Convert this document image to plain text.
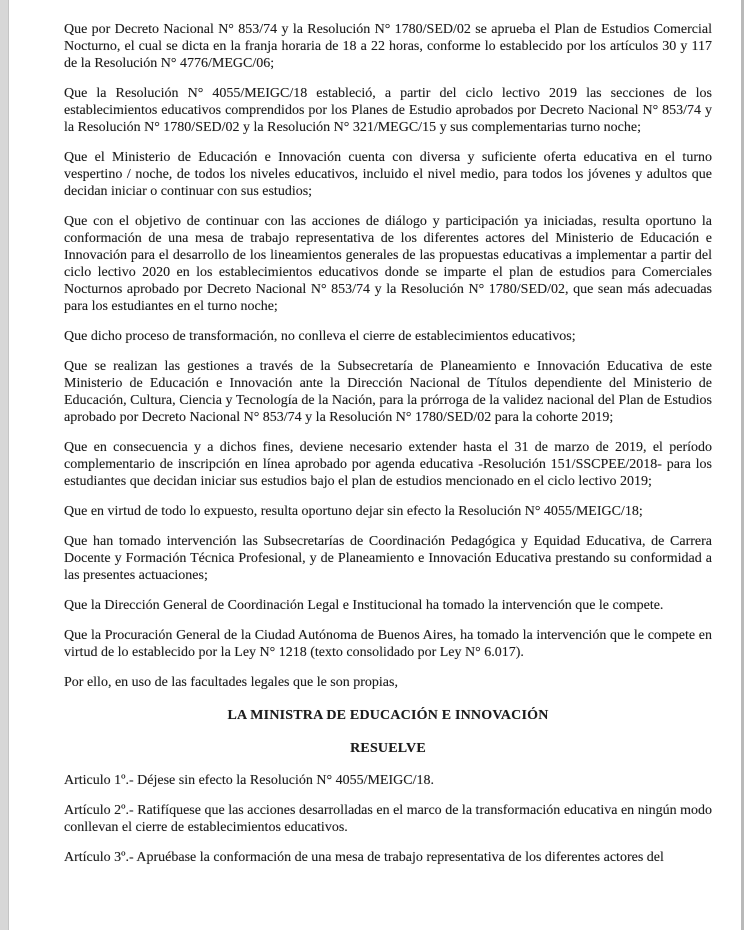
Que por Decreto Nacional N° 853/74 y la Resolución N° 1780/SED/02 se aprueba el Plan de Estudios Comercial Nocturno, el cual se dicta en la franja horaria de 18 a 22 horas, conforme lo establecido por los artículos 30 y 117 de la Resolución N° 4776/MEGC/06;

Que la Resolución N° 4055/MEIGC/18 estableció, a partir del ciclo lectivo 2019 las secciones de los establecimientos educativos comprendidos por los Planes de Estudio aprobados por Decreto Nacional N° 853/74 y la Resolución N° 1780/SED/02 y la Resolución N° 321/MEGC/15 y sus complementarias turno noche;

Que el Ministerio de Educación e Innovación cuenta con diversa y suficiente oferta educativa en el turno vespertino / noche, de todos los niveles educativos, incluido el nivel medio, para todos los jóvenes y adultos que decidan iniciar o continuar con sus estudios;

Que con el objetivo de continuar con las acciones de diálogo y participación ya iniciadas, resulta oportuno la conformación de una mesa de trabajo representativa de los diferentes actores del Ministerio de Educación e Innovación para el desarrollo de los lineamientos generales de las propuestas educativas a implementar a partir del ciclo lectivo 2020 en los establecimientos educativos donde se imparte el plan de estudios para Comerciales Nocturnos aprobado por Decreto Nacional N° 853/74 y la Resolución N° 1780/SED/02, que sean más adecuadas para los estudiantes en el turno noche;

Que dicho proceso de transformación, no conlleva el cierre de establecimientos educativos;

Que se realizan las gestiones a través de la Subsecretaría de Planeamiento e Innovación Educativa de este Ministerio de Educación e Innovación ante la Dirección Nacional de Títulos dependiente del Ministerio de Educación, Cultura, Ciencia y Tecnología de la Nación, para la prórroga de la validez nacional del Plan de Estudios aprobado por Decreto Nacional N° 853/74 y la Resolución N° 1780/SED/02 para la cohorte 2019;

Que en consecuencia y a dichos fines, deviene necesario extender hasta el 31 de marzo de 2019, el período complementario de inscripción en línea aprobado por agenda educativa -Resolución 151/SSCPEE/2018- para los estudiantes que decidan iniciar sus estudios bajo el plan de estudios mencionado en el ciclo lectivo 2019;

Que en virtud de todo lo expuesto, resulta oportuno dejar sin efecto la Resolución N° 4055/MEIGC/18;

Que han tomado intervención las Subsecretarías de Coordinación Pedagógica y Equidad Educativa, de Carrera Docente y Formación Técnica Profesional, y de Planeamiento e Innovación Educativa prestando su conformidad a las presentes actuaciones;

Que la Dirección General de Coordinación Legal e Institucional ha tomado la intervención que le compete.

Que la Procuración General de la Ciudad Autónoma de Buenos Aires, ha tomado la intervención que le compete en virtud de lo establecido por la Ley N° 1218 (texto consolidado por Ley N° 6.017).

Por ello, en uso de las facultades legales que le son propias,

LA MINISTRA DE EDUCACIÓN E INNOVACIÓN

RESUELVE

Articulo 1º.- Déjese sin efecto la Resolución N° 4055/MEIGC/18.

Artículo 2º.- Ratifíquese que las acciones desarrolladas en el marco de la transformación educativa en ningún modo conllevan el cierre de establecimientos educativos.

Artículo 3º.- Apruébase la conformación de una mesa de trabajo representativa de los diferentes actores del
